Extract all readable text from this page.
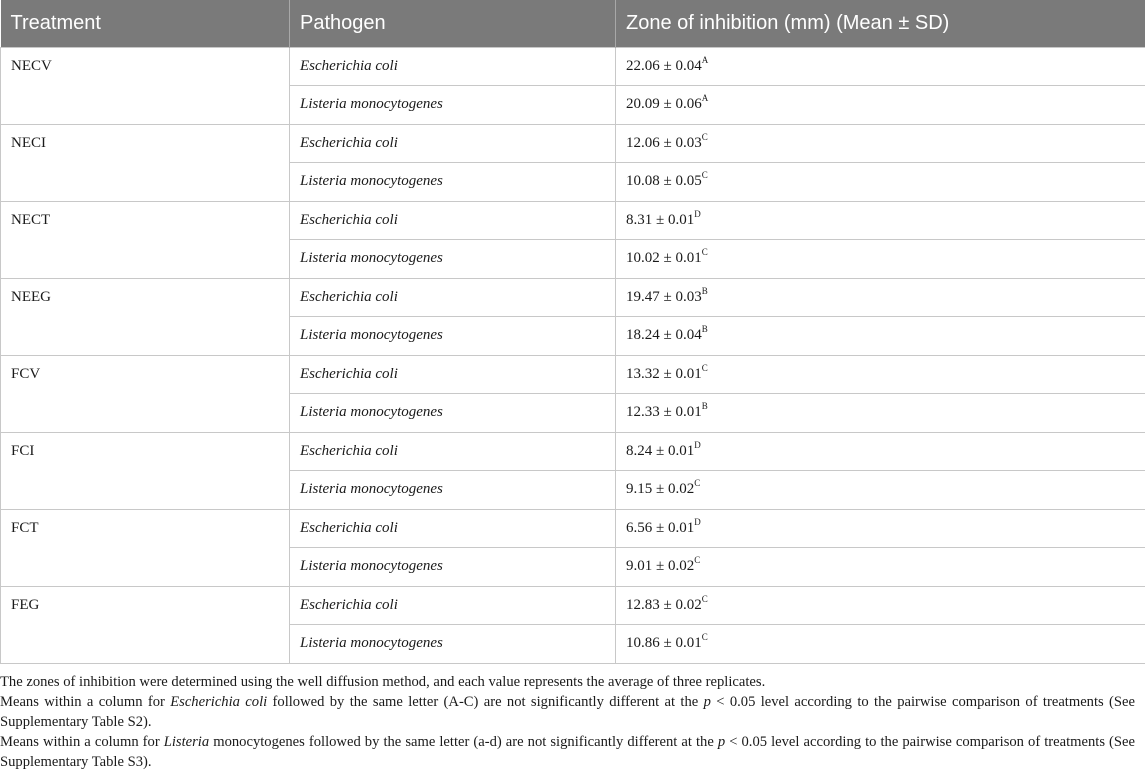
Treatment	Pathogen	Zone of inhibition (mm) (Mean ± SD)
NECV	Escherichia coli	$22.06 \pm 0.04^A$
	Listeria monocytogenes	$20.09 \pm 0.06^A$
NECI	Escherichia coli	$12.06 \pm 0.03^C$
	Listeria monocytogenes	$10.08 \pm 0.05^C$
NECT	Escherichia coli	$8.31 \pm 0.01^D$
	Listeria monocytogenes	$10.02 \pm 0.01^C$
NEEG	Escherichia coli	$19.47 \pm 0.03^B$
	Listeria monocytogenes	$18.24 \pm 0.04^B$
FCV	Escherichia coli	$13.32 \pm 0.01^C$
	Listeria monocytogenes	$12.33 \pm 0.01^B$
FCI	Escherichia coli	$8.24 \pm 0.01^D$
	Listeria monocytogenes	$9.15 \pm 0.02^C$
FCT	Escherichia coli	$6.56 \pm 0.01^D$
	Listeria monocytogenes	$9.01 \pm 0.02^C$
FEG	Escherichia coli	$12.83 \pm 0.02^C$
	Listeria monocytogenes	$10.86 \pm 0.01^C$

The zones of inhibition were determined using the well diffusion method, and each value represents the average of three replicates.

Means within a column for Escherichia coli followed by the same letter (A-C) are not significantly different at the p < 0.05 level according to the pairwise comparison of treatments (See Supplementary Table S2).

Means within a column for Listeria monocytogenes followed by the same letter (a-d) are not significantly different at the p < 0.05 level according to the pairwise comparison of treatments (See Supplementary Table S3).
